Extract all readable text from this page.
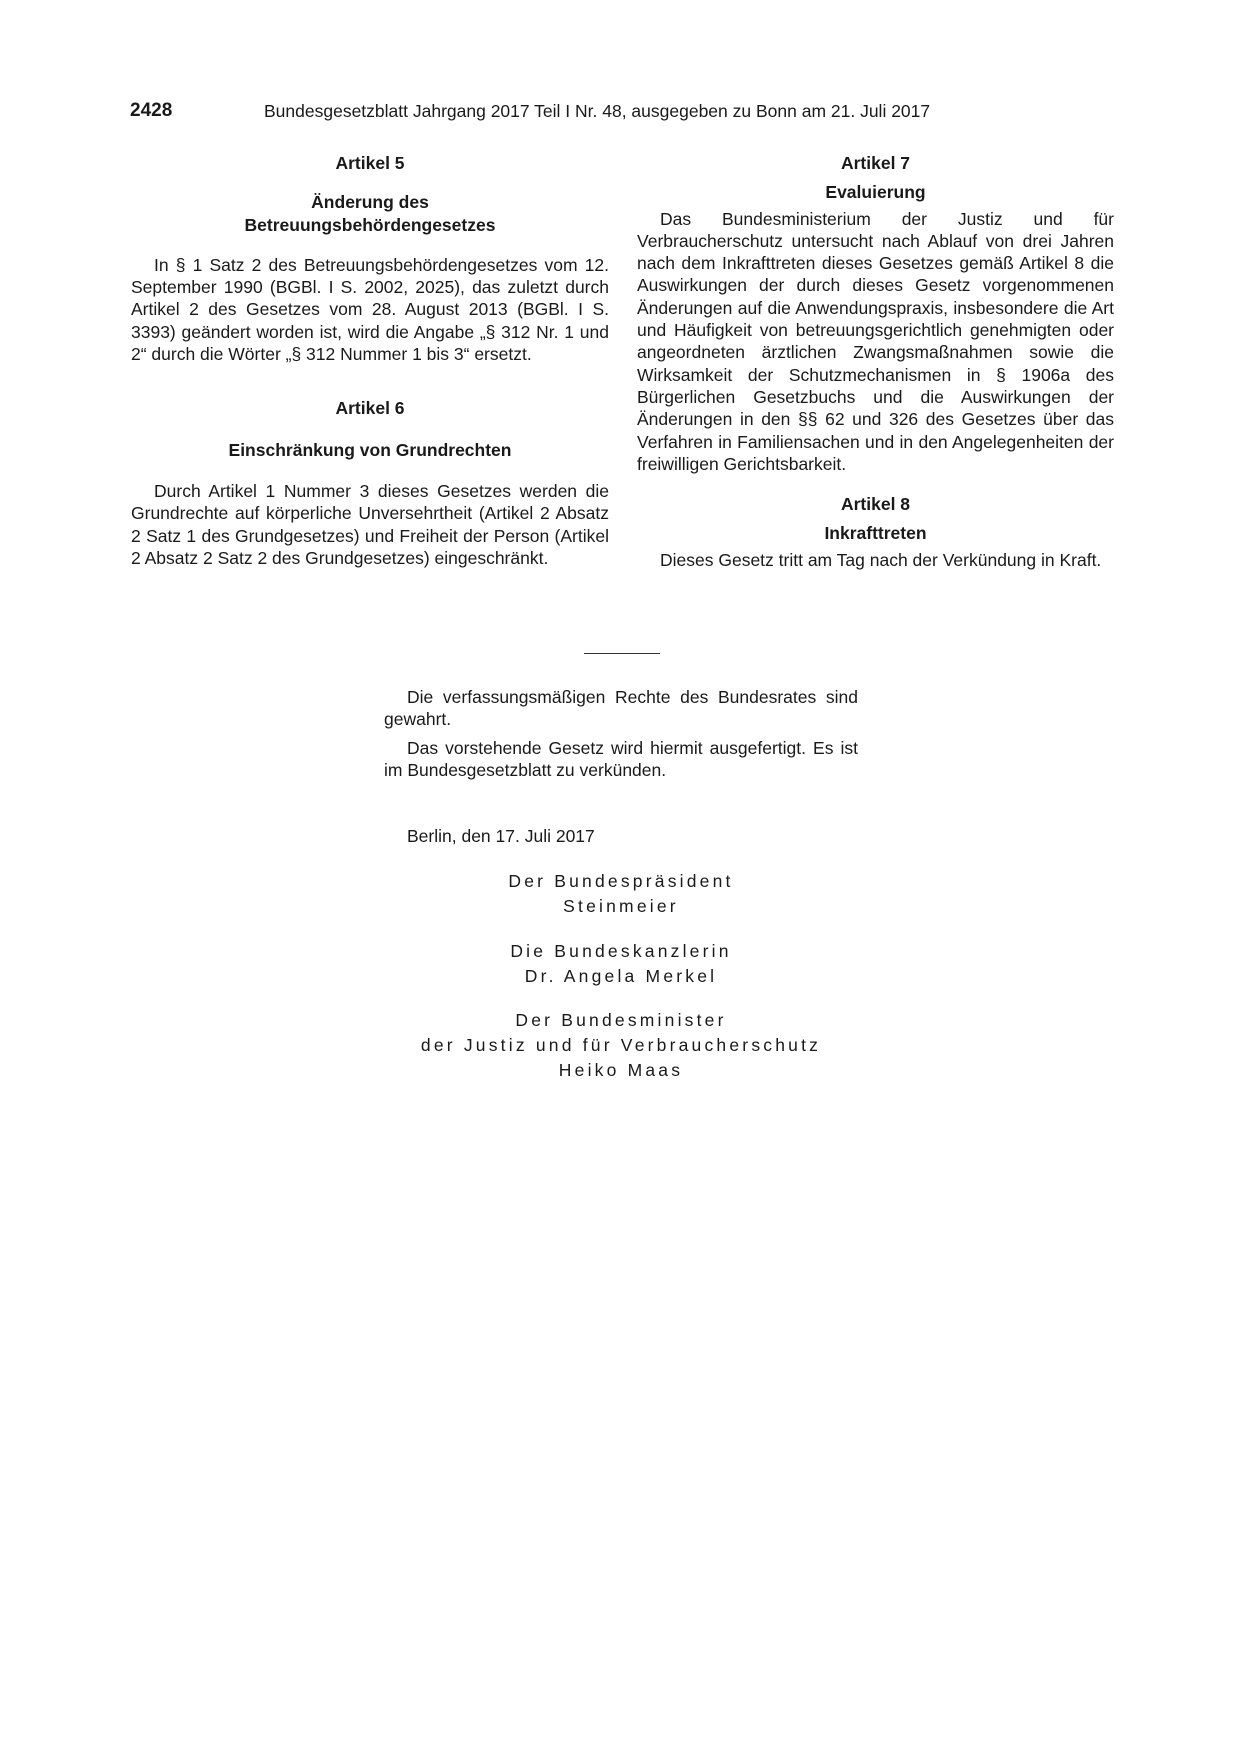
2428	Bundesgesetzblatt Jahrgang 2017 Teil I Nr. 48, ausgegeben zu Bonn am 21. Juli 2017

Artikel 5

Änderung des

Betreuungsbehördengesetzes

In § 1 Satz 2 des Betreuungsbehördengesetzes vom 12. September 1990 (BGBl. I S. 2002, 2025), das zuletzt durch Artikel 2 des Gesetzes vom 28. August 2013 (BGBl. I S. 3393) geändert worden ist, wird die Angabe „§ 312 Nr. 1 und 2“ durch die Wörter „§ 312 Nummer 1 bis 3“ ersetzt.

Artikel 6

Einschränkung von Grundrechten

Durch Artikel 1 Nummer 3 dieses Gesetzes werden die Grundrechte auf körperliche Unversehrtheit (Artikel 2 Absatz 2 Satz 1 des Grundgesetzes) und Freiheit der Person (Artikel 2 Absatz 2 Satz 2 des Grundgesetzes) eingeschränkt.

Artikel 7

Evaluierung

Das Bundesministerium der Justiz und für Verbraucherschutz untersucht nach Ablauf von drei Jahren nach dem Inkrafttreten dieses Gesetzes gemäß Artikel 8 die Auswirkungen der durch dieses Gesetz vorgenommenen Änderungen auf die Anwendungspraxis, insbesondere die Art und Häufigkeit von betreuungsgerichtlich genehmigten oder angeordneten ärztlichen Zwangsmaßnahmen sowie die Wirksamkeit der Schutzmechanismen in § 1906a des Bürgerlichen Gesetzbuchs und die Auswirkungen der Änderungen in den §§ 62 und 326 des Gesetzes über das Verfahren in Familiensachen und in den Angelegenheiten der freiwilligen Gerichtsbarkeit.

Artikel 8

Inkrafttreten

Dieses Gesetz tritt am Tag nach der Verkündung in Kraft.

Die verfassungsmäßigen Rechte des Bundesrates sind gewahrt.

Das vorstehende Gesetz wird hiermit ausgefertigt. Es ist im Bundesgesetzblatt zu verkünden.

Berlin, den 17. Juli 2017
Der Bundespräsident
Steinmeier
Die Bundeskanzlerin
Dr. Angela Merkel
Der Bundesminister
der Justiz und für Verbraucherschutz
Heiko Maas
